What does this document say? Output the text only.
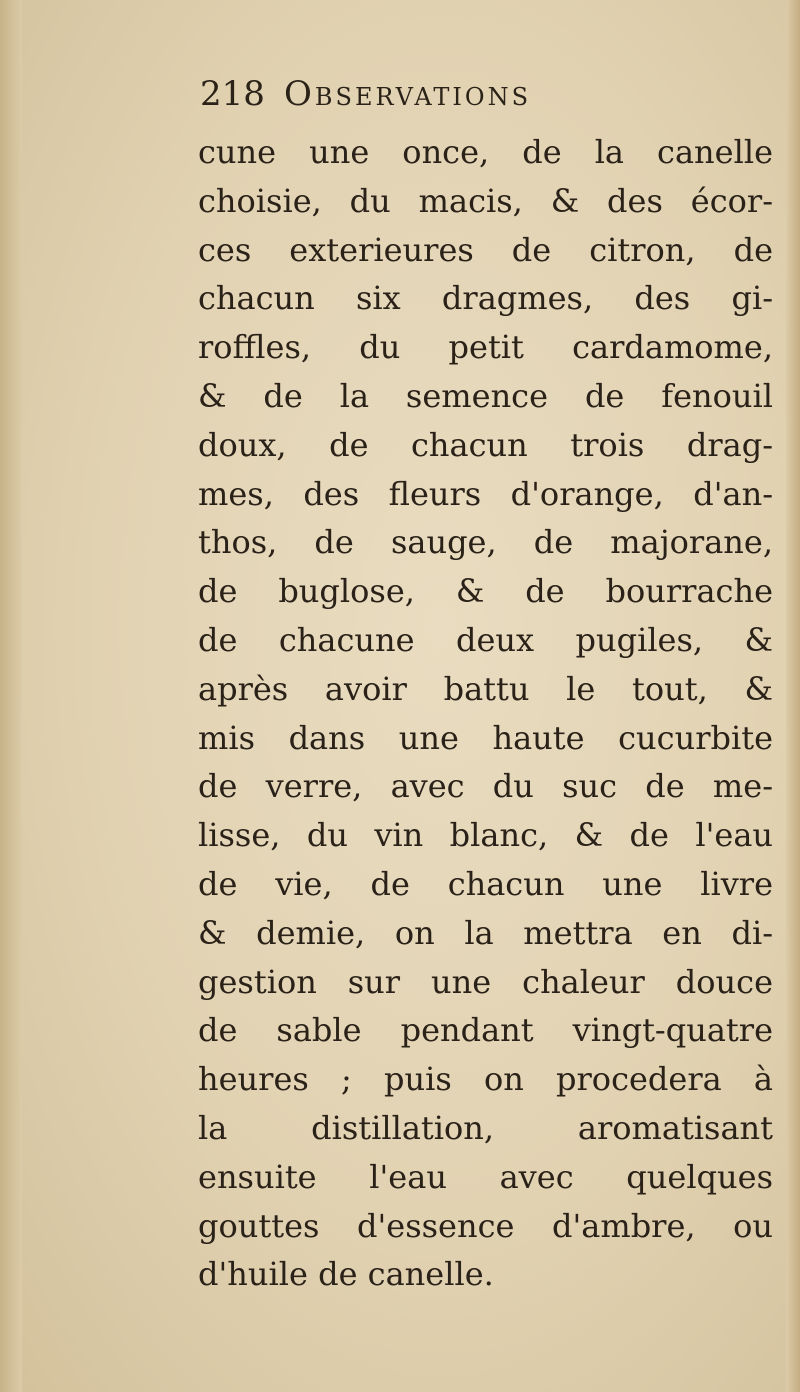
218 Observations
cune une once, de la canelle
choisie, du macis, & des écor-
ces exterieures de citron, de
chacun six dragmes, des gi-
roffles, du petit cardamome,
& de la semence de fenouil
doux, de chacun trois drag-
mes, des fleurs d'orange, d'an-
thos, de sauge, de majorane,
de buglose, & de bourrache
de chacune deux pugiles, &
après avoir battu le tout, &
mis dans une haute cucurbite
de verre, avec du suc de me-
lisse, du vin blanc, & de l'eau
de vie, de chacun une livre
& demie, on la mettra en di-
gestion sur une chaleur douce
de sable pendant vingt-quatre
heures ; puis on procedera à
la distillation, aromatisant
ensuite l'eau avec quelques
gouttes d'essence d'ambre, ou
d'huile de canelle.
